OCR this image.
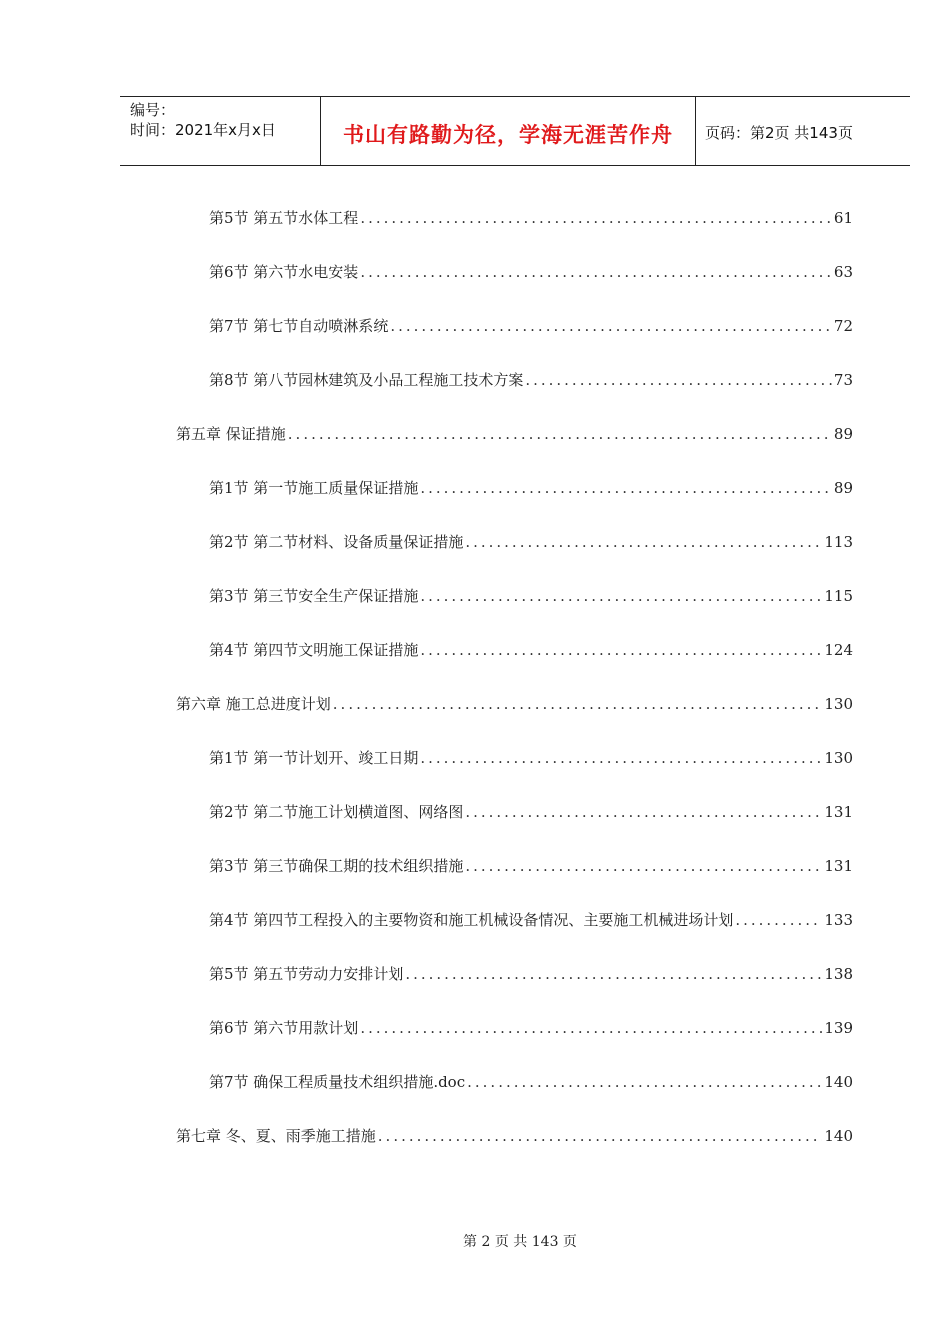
编号：
时间：2021年x月x日	书山有路勤为径，学海无涯苦作舟	页码：第2页 共143页
第5节 第五节水体工程 .....	61
第6节 第六节水电安装 .....	63
第7节 第七节自动喷淋系统 .....	72
第8节 第八节园林建筑及小品工程施工技术方案 .....	73
第五章 保证措施 .....	89
第1节 第一节施工质量保证措施 .....	89
第2节 第二节材料、设备质量保证措施 .....	113
第3节 第三节安全生产保证措施 .....	115
第4节 第四节文明施工保证措施 .....	124
第六章 施工总进度计划 .....	130
第1节 第一节计划开、竣工日期 .....	130
第2节 第二节施工计划横道图、网络图 .....	131
第3节 第三节确保工期的技术组织措施 .....	131
第4节 第四节工程投入的主要物资和施工机械设备情况、主要施工机械进场计划 .....	133
第5节 第五节劳动力安排计划 .....	138
第6节 第六节用款计划 .....	139
第7节 确保工程质量技术组织措施.doc .....	140
第七章 冬、夏、雨季施工措施 .....	140
第 2 页 共 143 页
